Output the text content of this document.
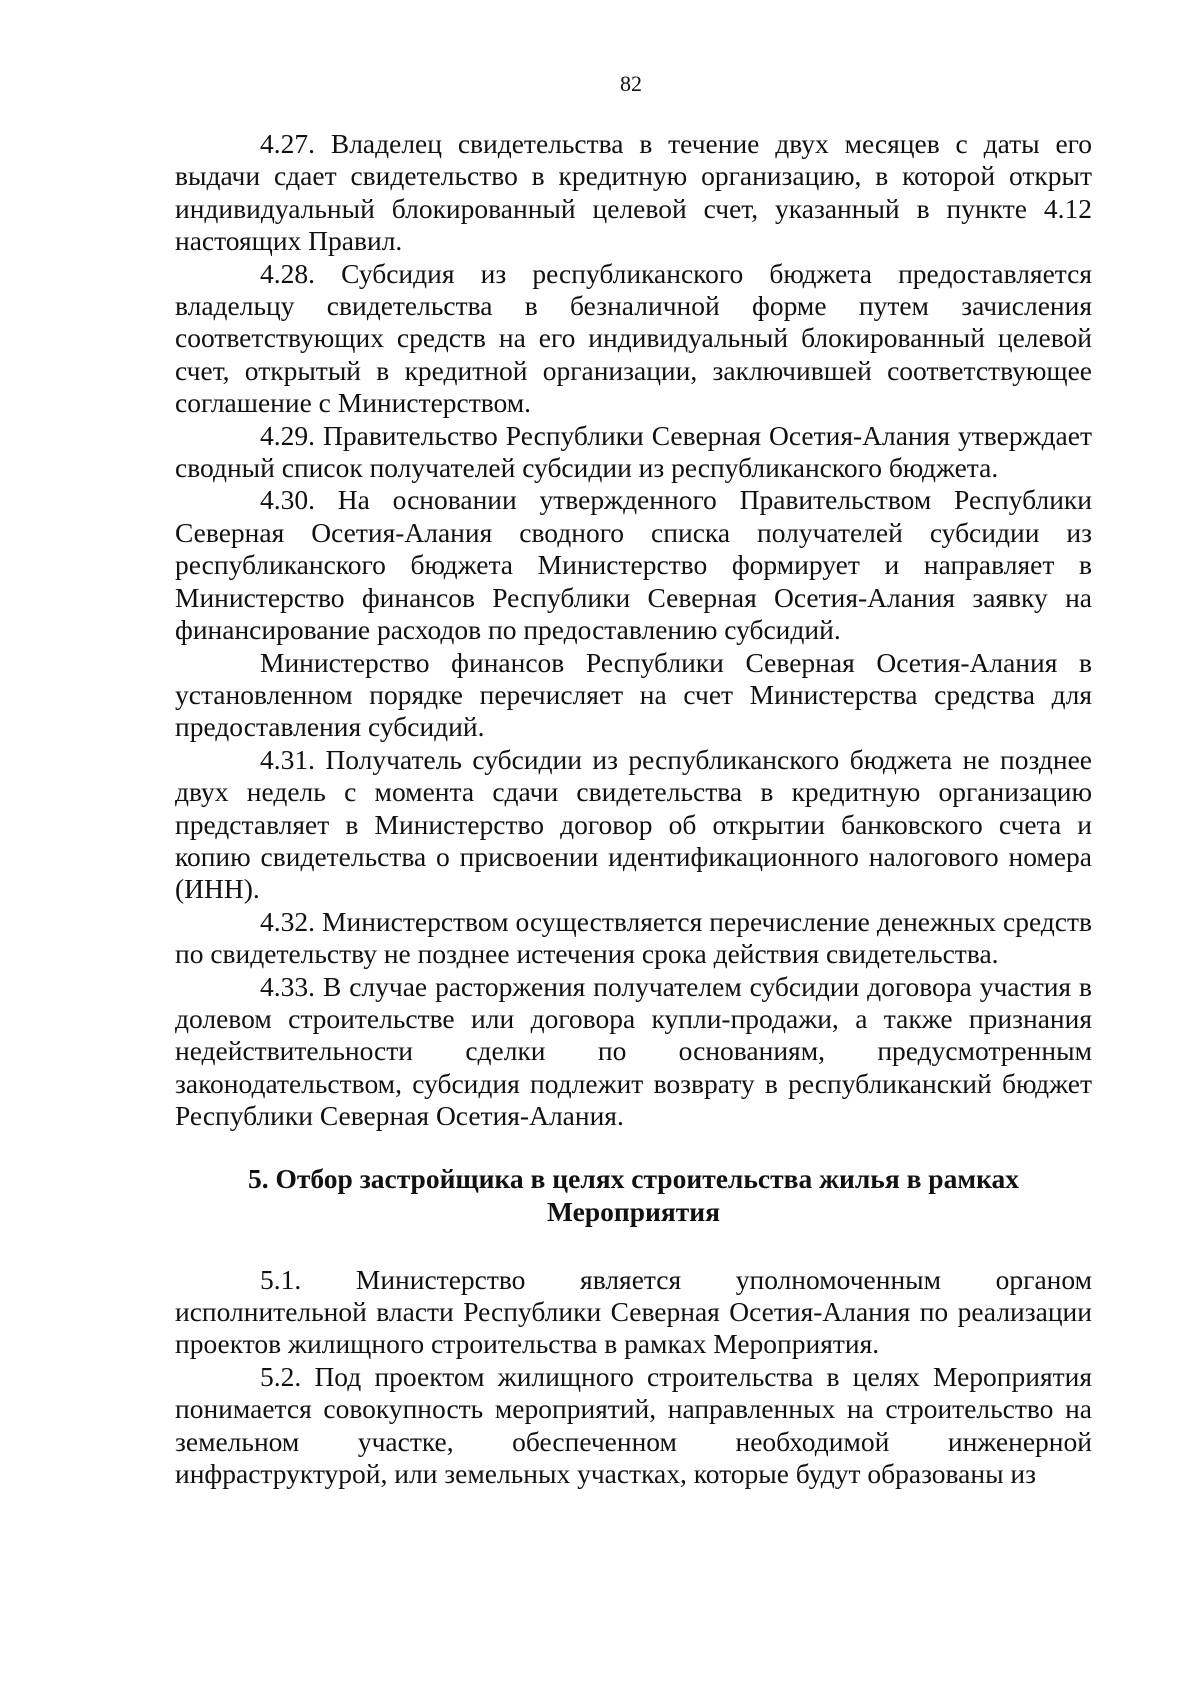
82

4.27. Владелец свидетельства в течение двух месяцев с даты его выдачи сдает свидетельство в кредитную организацию, в которой открыт индивидуальный блокированный целевой счет, указанный в пункте 4.12 настоящих Правил.

4.28. Субсидия из республиканского бюджета предоставляется владельцу свидетельства в безналичной форме путем зачисления соответствующих средств на его индивидуальный блокированный целевой счет, открытый в кредитной организации, заключившей соответствующее соглашение с Министерством.

4.29. Правительство Республики Северная Осетия-Алания утверждает сводный список получателей субсидии из республиканского бюджета.

4.30. На основании утвержденного Правительством Республики Северная Осетия-Алания сводного списка получателей субсидии из республиканского бюджета Министерство формирует и направляет в Министерство финансов Республики Северная Осетия-Алания заявку на финансирование расходов по предоставлению субсидий.

Министерство финансов Республики Северная Осетия-Алания в установленном порядке перечисляет на счет Министерства средства для предоставления субсидий.

4.31. Получатель субсидии из республиканского бюджета не позднее двух недель с момента сдачи свидетельства в кредитную организацию представляет в Министерство договор об открытии банковского счета и копию свидетельства о присвоении идентификационного налогового номера (ИНН).

4.32. Министерством осуществляется перечисление денежных средств по свидетельству не позднее истечения срока действия свидетельства.

4.33. В случае расторжения получателем субсидии договора участия в долевом строительстве или договора купли-продажи, а также признания недействительности сделки по основаниям, предусмотренным законодательством, субсидия подлежит возврату в республиканский бюджет Республики Северная Осетия-Алания.

5. Отбор застройщика в целях строительства жилья в рамках
Мероприятия

5.1. Министерство является уполномоченным органом исполнительной власти Республики Северная Осетия-Алания по реализации проектов жилищного строительства в рамках Мероприятия.

5.2. Под проектом жилищного строительства в целях Мероприятия понимается совокупность мероприятий, направленных на строительство на земельном участке, обеспеченном необходимой инженерной инфраструктурой, или земельных участках, которые будут образованы из
